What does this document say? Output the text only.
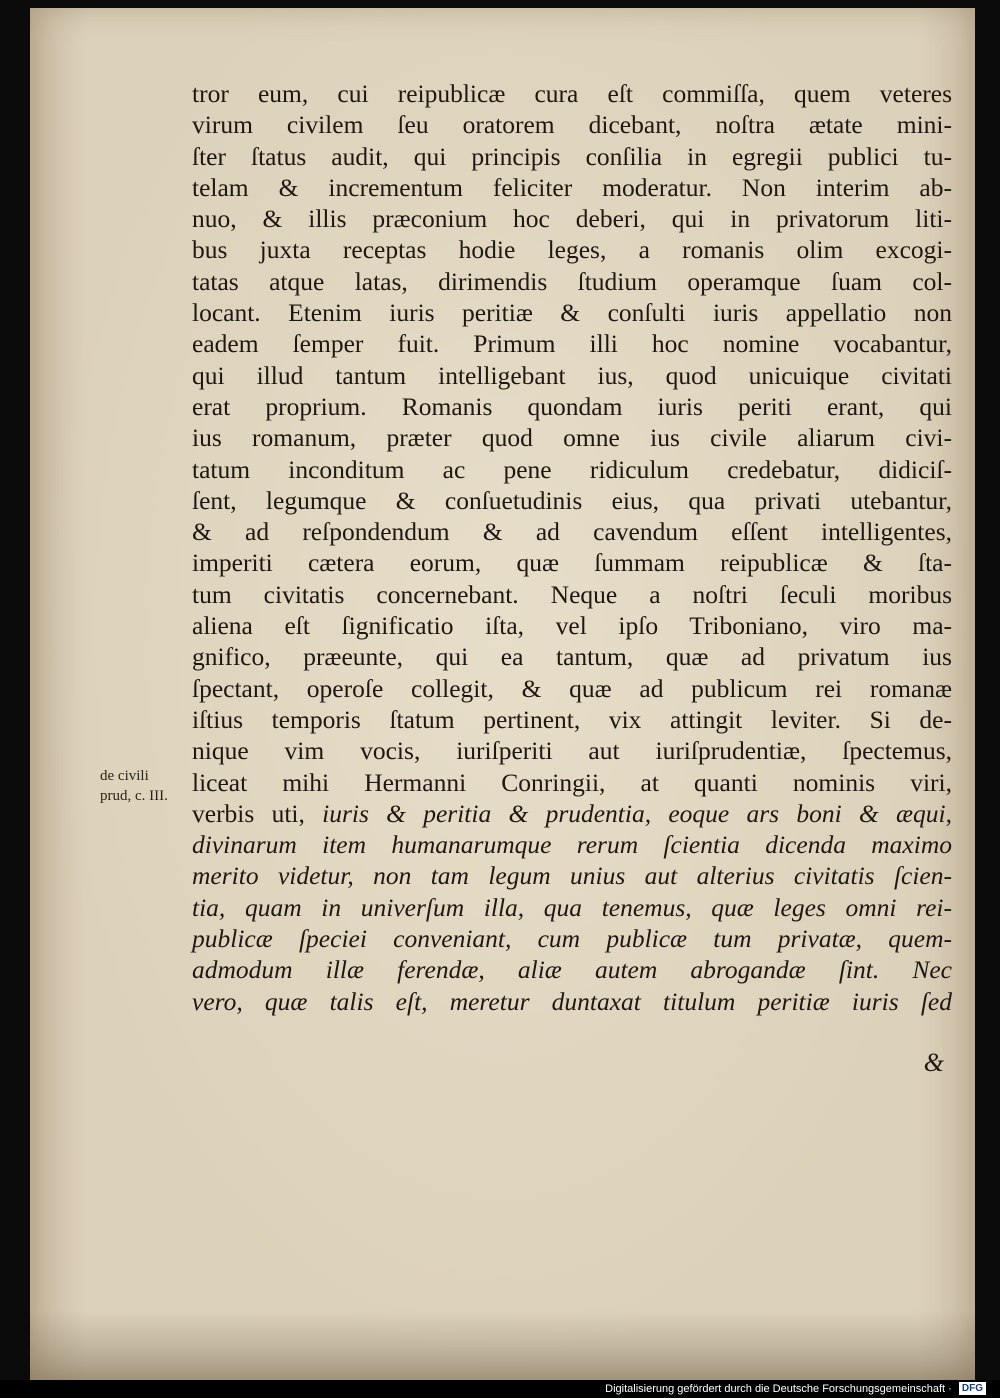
de civili
prud, c. III.
tror eum, cui reipublicæ cura eſt commiſſa, quem veteres
virum civilem ſeu oratorem dicebant, noſtra ætate mini-
ſter ſtatus audit, qui principis conſilia in egregii publici tu-
telam & incrementum feliciter moderatur. Non interim ab-
nuo, & illis præconium hoc deberi, qui in privatorum liti-
bus juxta receptas hodie leges, a romanis olim excogi-
tatas atque latas, dirimendis ſtudium operamque ſuam col-
locant. Etenim iuris peritiæ & conſulti iuris appellatio non
eadem ſemper fuit. Primum illi hoc nomine vocabantur,
qui illud tantum intelligebant ius, quod unicuique civitati
erat proprium. Romanis quondam iuris periti erant, qui
ius romanum, præter quod omne ius civile aliarum civi-
tatum inconditum ac pene ridiculum credebatur, didiciſ-
ſent, legumque & conſuetudinis eius, qua privati utebantur,
& ad reſpondendum & ad cavendum eſſent intelligentes,
imperiti cætera eorum, quæ ſummam reipublicæ & ſta-
tum civitatis concernebant. Neque a noſtri ſeculi moribus
aliena eſt ſignificatio iſta, vel ipſo Triboniano, viro ma-
gnifico, præeunte, qui ea tantum, quæ ad privatum ius
ſpectant, operoſe collegit, & quæ ad publicum rei romanæ
iſtius temporis ſtatum pertinent, vix attingit leviter. Si de-
nique vim vocis, iuriſperiti aut iuriſprudentiæ, ſpectemus,
liceat mihi Hermanni Conringii, at quanti nominis viri,
verbis uti, iuris & peritia & prudentia, eoque ars boni & æqui,
divinarum item humanarumque rerum ſcientia dicenda maximo
merito videtur, non tam legum unius aut alterius civitatis ſcien-
tia, quam in univerſum illa, qua tenemus, quæ leges omni rei-
publicæ ſpeciei conveniant, cum publicæ tum privatæ, quem-
admodum illæ ferendæ, aliæ autem abrogandæ ſint. Nec
vero, quæ talis eſt, meretur duntaxat titulum peritiæ iuris ſed
&
Digitalisierung gefördert durch die Deutsche Forschungsgemeinschaft · DFG
